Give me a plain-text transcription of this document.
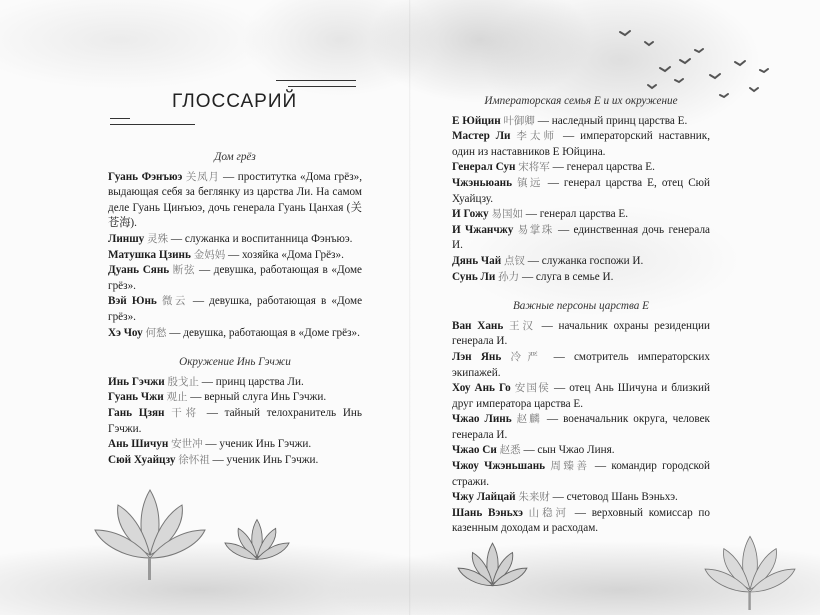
ГЛОССАРИЙ
Дом грёз

Гуань Фэнъюэ 关凤月 — проститутка «Дома грёз», выдающая себя за беглянку из царства Ли. На самом деле Гуань Цинъюэ, дочь генерала Гуань Цанхая (关苍海).

Линшу 灵殊 — служанка и воспитанница Фэнъюэ.

Матушка Цзинь 金妈妈 — хозяйка «Дома Грёз».

Дуань Сянь 断弦 — девушка, работающая в «Доме грёз».

Вэй Юнь 微云 — девушка, работающая в «Доме грёз».

Хэ Чоу 何愁 — девушка, работающая в «Доме грёз».

Окружение Инь Гэчжи

Инь Гэчжи 殷戈止 — принц царства Ли.

Гуань Чжи 观止 — верный слуга Инь Гэчжи.

Гань Цзян 干将 — тайный телохранитель Инь Гэчжи.

Ань Шичун 安世冲 — ученик Инь Гэчжи.

Сюй Хуайцзу 徐怀祖 — ученик Инь Гэчжи.

Императорская семья Е и их окружение

Е Юйцин 叶御卿 — наследный принц царства Е.

Мастер Ли 李太师 — императорский наставник, один из наставников Е Юйцина.

Генерал Сун 宋将军 — генерал царства Е.

Чжэньюань 镇远 — генерал царства Е, отец Сюй Хуайцзу.

И Гожу 易国如 — генерал царства Е.

И Чжанчжу 易掌珠 — единственная дочь генерала И.

Дянь Чай 点钗 — служанка госпожи И.

Сунь Ли 孙力 — слуга в семье И.

Важные персоны царства Е

Ван Хань 王汉 — начальник охраны резиденции генерала И.

Лэн Янь 冷严 — смотритель императорских экипажей.

Хоу Ань Го 安国侯 — отец Ань Шичуна и близкий друг императора царства Е.

Чжао Линь 赵麟 — военачальник округа, человек генерала И.

Чжао Си 赵悉 — сын Чжао Линя.

Чжоу Чжэньшань 周臻善 — командир городской стражи.

Чжу Лайцай 朱来财 — счетовод Шань Вэньхэ.

Шань Вэньхэ 山稳河 — верховный комиссар по казенным доходам и расходам.
